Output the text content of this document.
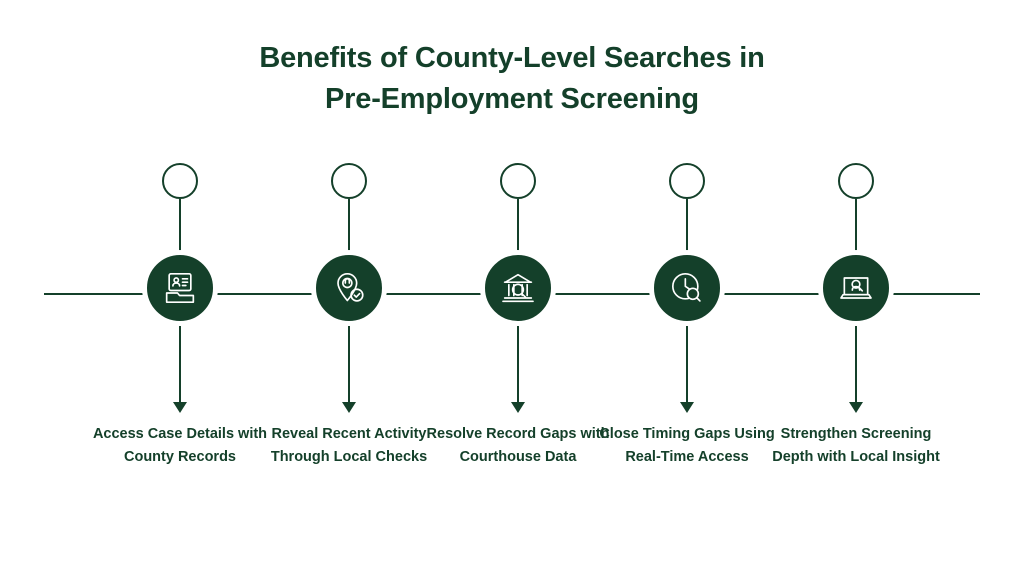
Benefits of County-Level Searches in
Pre-Employment Screening
Access Case Details with County Records
Reveal Recent Activity Through Local Checks
Resolve Record Gaps with Courthouse Data
Close Timing Gaps Using Real-Time Access
Strengthen Screening Depth with Local Insight
